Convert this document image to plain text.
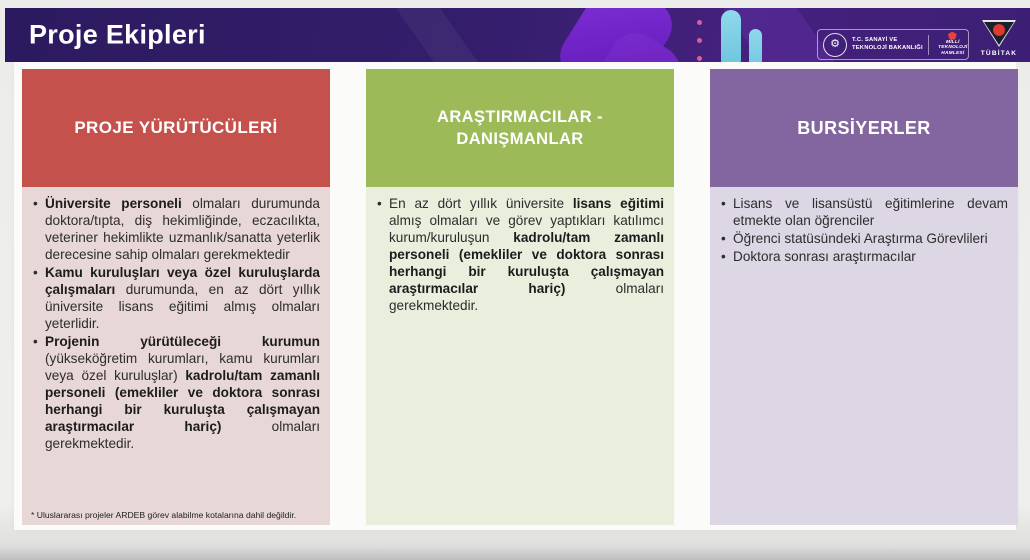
Proje Ekipleri	⚙	T.C. SANAYİ VE
TEKNOLOJİ BAKANLIĞI
MİLLİ
TEKNOLOJİ
HAMLESİ	TÜBİTAK
PROJE YÜRÜTÜCÜLERİ
• Üniversite personeli olmaları durumunda doktora/tıpta, diş hekimliğinde, eczacılıkta, veteriner hekimlikte uzmanlık/sanatta yeterlik derecesine sahip olmaları gerekmektedir
• Kamu kuruluşları veya özel kuruluşlarda çalışmaları durumunda, en az dört yıllık üniversite lisans eğitimi almış olmaları yeterlidir.
• Projenin yürütüleceği kurumun (yükseköğretim kurumları, kamu kurumları veya özel kuruluşlar) kadrolu/tam zamanlı personeli (emekliler ve doktora sonrası herhangi bir kuruluşta çalışmayan araştırmacılar hariç) olmaları gerekmektedir.
* Uluslararası projeler ARDEB görev alabilme kotalarına dahil değildir.
ARAŞTIRMACILAR - DANIŞMANLAR
• En az dört yıllık üniversite lisans eğitimi almış olmaları ve görev yaptıkları katılımcı kurum/kuruluşun kadrolu/tam zamanlı personeli (emekliler ve doktora sonrası herhangi bir kuruluşta çalışmayan araştırmacılar hariç) olmaları gerekmektedir.
BURSİYERLER
• Lisans ve lisansüstü eğitimlerine devam etmekte olan öğrenciler
• Öğrenci statüsündeki Araştırma Görevlileri
• Doktora sonrası araştırmacılar
